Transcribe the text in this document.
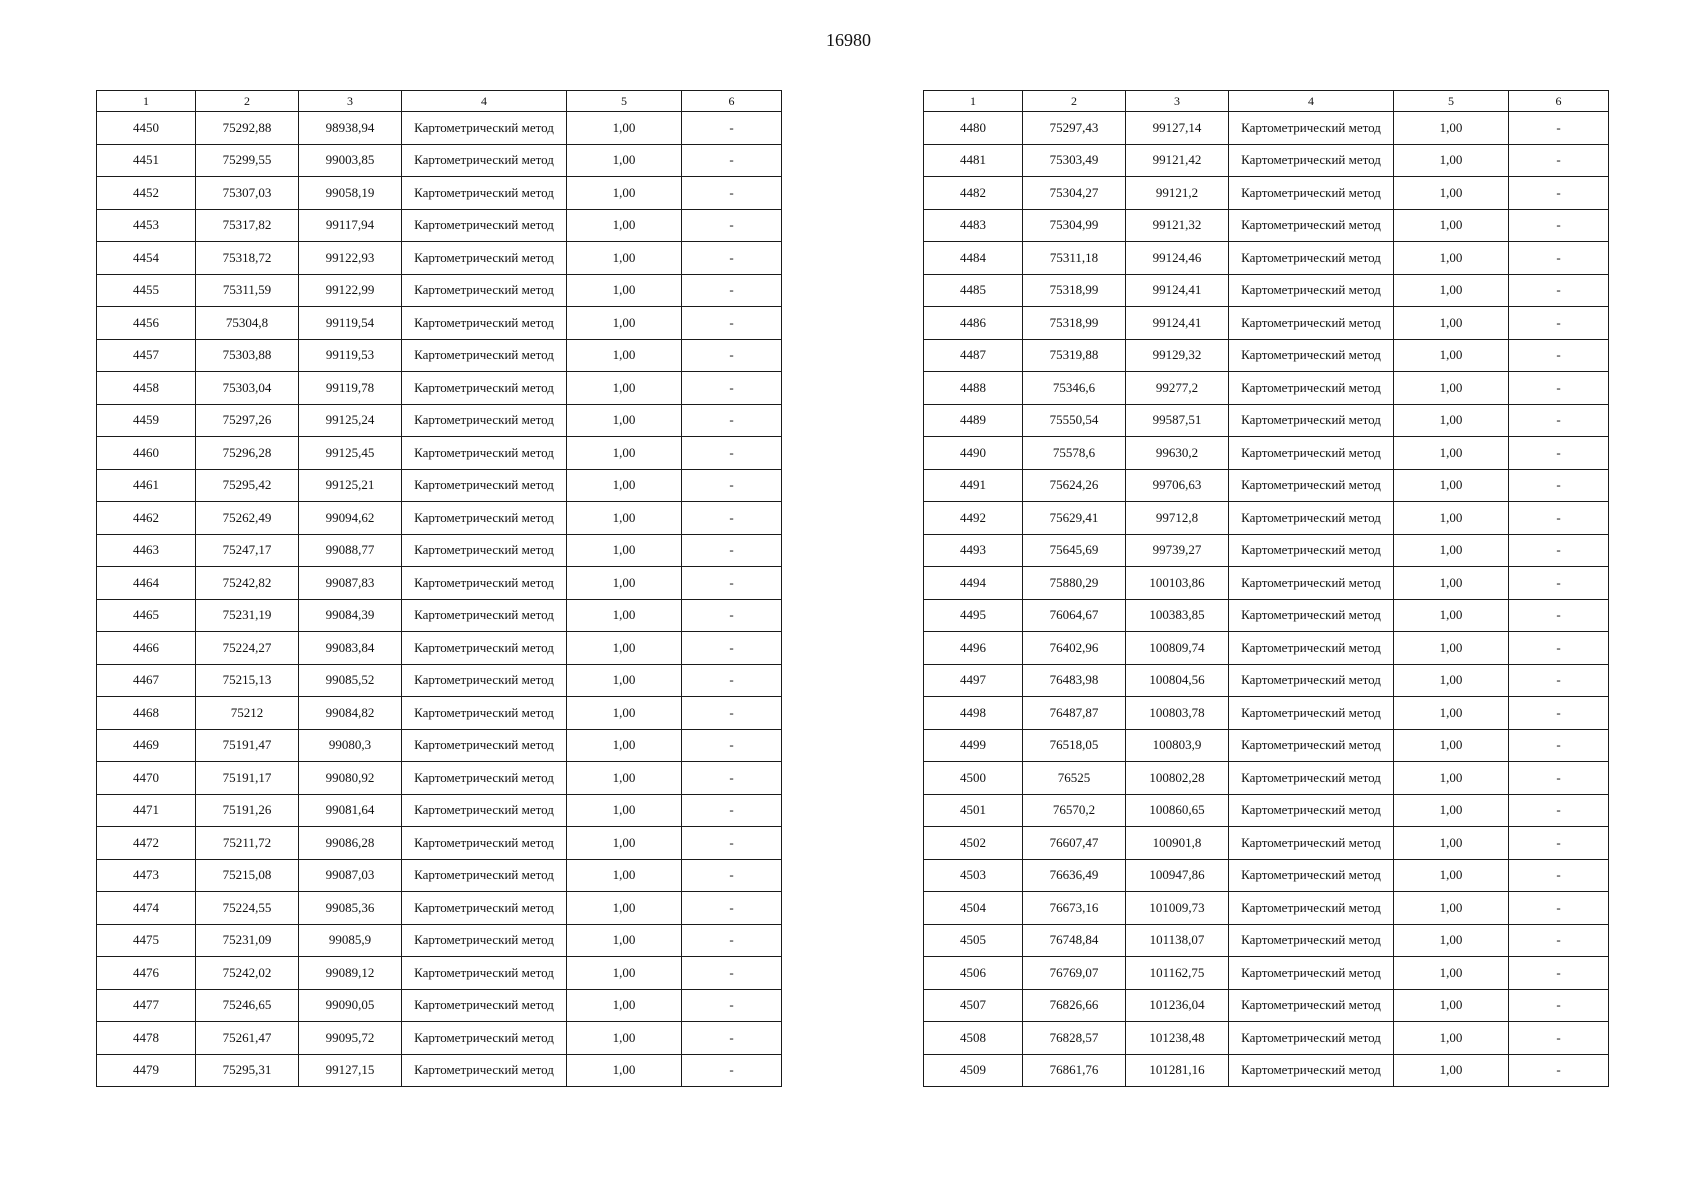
16980
1	2	3	4	5	6
4450	75292,88	98938,94	Картометрический метод	1,00	-
4451	75299,55	99003,85	Картометрический метод	1,00	-
4452	75307,03	99058,19	Картометрический метод	1,00	-
4453	75317,82	99117,94	Картометрический метод	1,00	-
4454	75318,72	99122,93	Картометрический метод	1,00	-
4455	75311,59	99122,99	Картометрический метод	1,00	-
4456	75304,8	99119,54	Картометрический метод	1,00	-
4457	75303,88	99119,53	Картометрический метод	1,00	-
4458	75303,04	99119,78	Картометрический метод	1,00	-
4459	75297,26	99125,24	Картометрический метод	1,00	-
4460	75296,28	99125,45	Картометрический метод	1,00	-
4461	75295,42	99125,21	Картометрический метод	1,00	-
4462	75262,49	99094,62	Картометрический метод	1,00	-
4463	75247,17	99088,77	Картометрический метод	1,00	-
4464	75242,82	99087,83	Картометрический метод	1,00	-
4465	75231,19	99084,39	Картометрический метод	1,00	-
4466	75224,27	99083,84	Картометрический метод	1,00	-
4467	75215,13	99085,52	Картометрический метод	1,00	-
4468	75212	99084,82	Картометрический метод	1,00	-
4469	75191,47	99080,3	Картометрический метод	1,00	-
4470	75191,17	99080,92	Картометрический метод	1,00	-
4471	75191,26	99081,64	Картометрический метод	1,00	-
4472	75211,72	99086,28	Картометрический метод	1,00	-
4473	75215,08	99087,03	Картометрический метод	1,00	-
4474	75224,55	99085,36	Картометрический метод	1,00	-
4475	75231,09	99085,9	Картометрический метод	1,00	-
4476	75242,02	99089,12	Картометрический метод	1,00	-
4477	75246,65	99090,05	Картометрический метод	1,00	-
4478	75261,47	99095,72	Картометрический метод	1,00	-
4479	75295,31	99127,15	Картометрический метод	1,00	-
1	2	3	4	5	6
4480	75297,43	99127,14	Картометрический метод	1,00	-
4481	75303,49	99121,42	Картометрический метод	1,00	-
4482	75304,27	99121,2	Картометрический метод	1,00	-
4483	75304,99	99121,32	Картометрический метод	1,00	-
4484	75311,18	99124,46	Картометрический метод	1,00	-
4485	75318,99	99124,41	Картометрический метод	1,00	-
4486	75318,99	99124,41	Картометрический метод	1,00	-
4487	75319,88	99129,32	Картометрический метод	1,00	-
4488	75346,6	99277,2	Картометрический метод	1,00	-
4489	75550,54	99587,51	Картометрический метод	1,00	-
4490	75578,6	99630,2	Картометрический метод	1,00	-
4491	75624,26	99706,63	Картометрический метод	1,00	-
4492	75629,41	99712,8	Картометрический метод	1,00	-
4493	75645,69	99739,27	Картометрический метод	1,00	-
4494	75880,29	100103,86	Картометрический метод	1,00	-
4495	76064,67	100383,85	Картометрический метод	1,00	-
4496	76402,96	100809,74	Картометрический метод	1,00	-
4497	76483,98	100804,56	Картометрический метод	1,00	-
4498	76487,87	100803,78	Картометрический метод	1,00	-
4499	76518,05	100803,9	Картометрический метод	1,00	-
4500	76525	100802,28	Картометрический метод	1,00	-
4501	76570,2	100860,65	Картометрический метод	1,00	-
4502	76607,47	100901,8	Картометрический метод	1,00	-
4503	76636,49	100947,86	Картометрический метод	1,00	-
4504	76673,16	101009,73	Картометрический метод	1,00	-
4505	76748,84	101138,07	Картометрический метод	1,00	-
4506	76769,07	101162,75	Картометрический метод	1,00	-
4507	76826,66	101236,04	Картометрический метод	1,00	-
4508	76828,57	101238,48	Картометрический метод	1,00	-
4509	76861,76	101281,16	Картометрический метод	1,00	-
